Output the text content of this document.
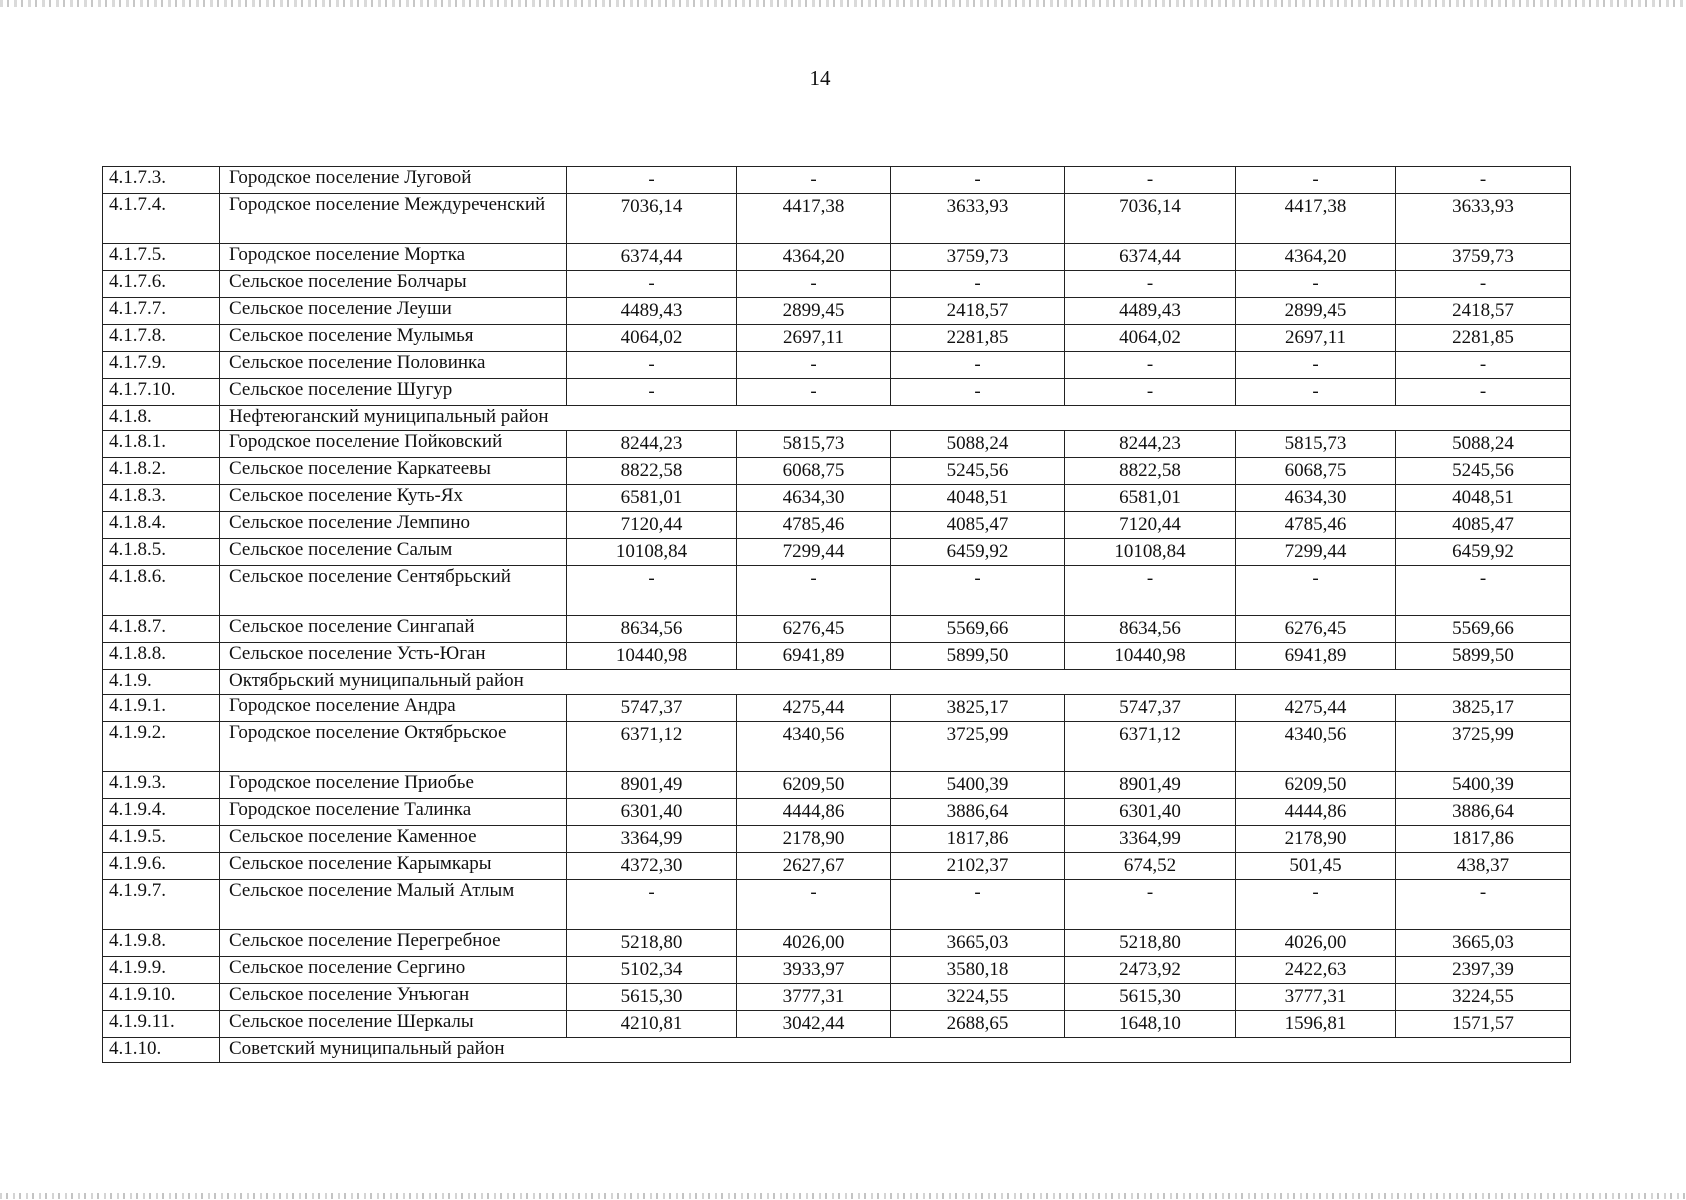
14
4.1.7.3.	Городское поселение Луговой	-	-	-	-	-	-
4.1.7.4.	Городское поселение Междуреченский	7036,14	4417,38	3633,93	7036,14	4417,38	3633,93
4.1.7.5.	Городское поселение Мортка	6374,44	4364,20	3759,73	6374,44	4364,20	3759,73
4.1.7.6.	Сельское поселение Болчары	-	-	-	-	-	-
4.1.7.7.	Сельское поселение Леуши	4489,43	2899,45	2418,57	4489,43	2899,45	2418,57
4.1.7.8.	Сельское поселение Мулымья	4064,02	2697,11	2281,85	4064,02	2697,11	2281,85
4.1.7.9.	Сельское поселение Половинка	-	-	-	-	-	-
4.1.7.10.	Сельское поселение Шугур	-	-	-	-	-	-
4.1.8.	Нефтеюганский муниципальный район						
4.1.8.1.	Городское поселение Пойковский	8244,23	5815,73	5088,24	8244,23	5815,73	5088,24
4.1.8.2.	Сельское поселение Каркатеевы	8822,58	6068,75	5245,56	8822,58	6068,75	5245,56
4.1.8.3.	Сельское поселение Куть-Ях	6581,01	4634,30	4048,51	6581,01	4634,30	4048,51
4.1.8.4.	Сельское поселение Лемпино	7120,44	4785,46	4085,47	7120,44	4785,46	4085,47
4.1.8.5.	Сельское поселение Салым	10108,84	7299,44	6459,92	10108,84	7299,44	6459,92
4.1.8.6.	Сельское поселение Сентябрьский	-	-	-	-	-	-
4.1.8.7.	Сельское поселение Сингапай	8634,56	6276,45	5569,66	8634,56	6276,45	5569,66
4.1.8.8.	Сельское поселение Усть-Юган	10440,98	6941,89	5899,50	10440,98	6941,89	5899,50
4.1.9.	Октябрьский муниципальный район						
4.1.9.1.	Городское поселение Андра	5747,37	4275,44	3825,17	5747,37	4275,44	3825,17
4.1.9.2.	Городское поселение Октябрьское	6371,12	4340,56	3725,99	6371,12	4340,56	3725,99
4.1.9.3.	Городское поселение Приобье	8901,49	6209,50	5400,39	8901,49	6209,50	5400,39
4.1.9.4.	Городское поселение Талинка	6301,40	4444,86	3886,64	6301,40	4444,86	3886,64
4.1.9.5.	Сельское поселение Каменное	3364,99	2178,90	1817,86	3364,99	2178,90	1817,86
4.1.9.6.	Сельское поселение Карымкары	4372,30	2627,67	2102,37	674,52	501,45	438,37
4.1.9.7.	Сельское поселение Малый Атлым	-	-	-	-	-	-
4.1.9.8.	Сельское поселение Перегребное	5218,80	4026,00	3665,03	5218,80	4026,00	3665,03
4.1.9.9.	Сельское поселение Сергино	5102,34	3933,97	3580,18	2473,92	2422,63	2397,39
4.1.9.10.	Сельское поселение Унъюган	5615,30	3777,31	3224,55	5615,30	3777,31	3224,55
4.1.9.11.	Сельское поселение Шеркалы	4210,81	3042,44	2688,65	1648,10	1596,81	1571,57
4.1.10.	Советский муниципальный район						
